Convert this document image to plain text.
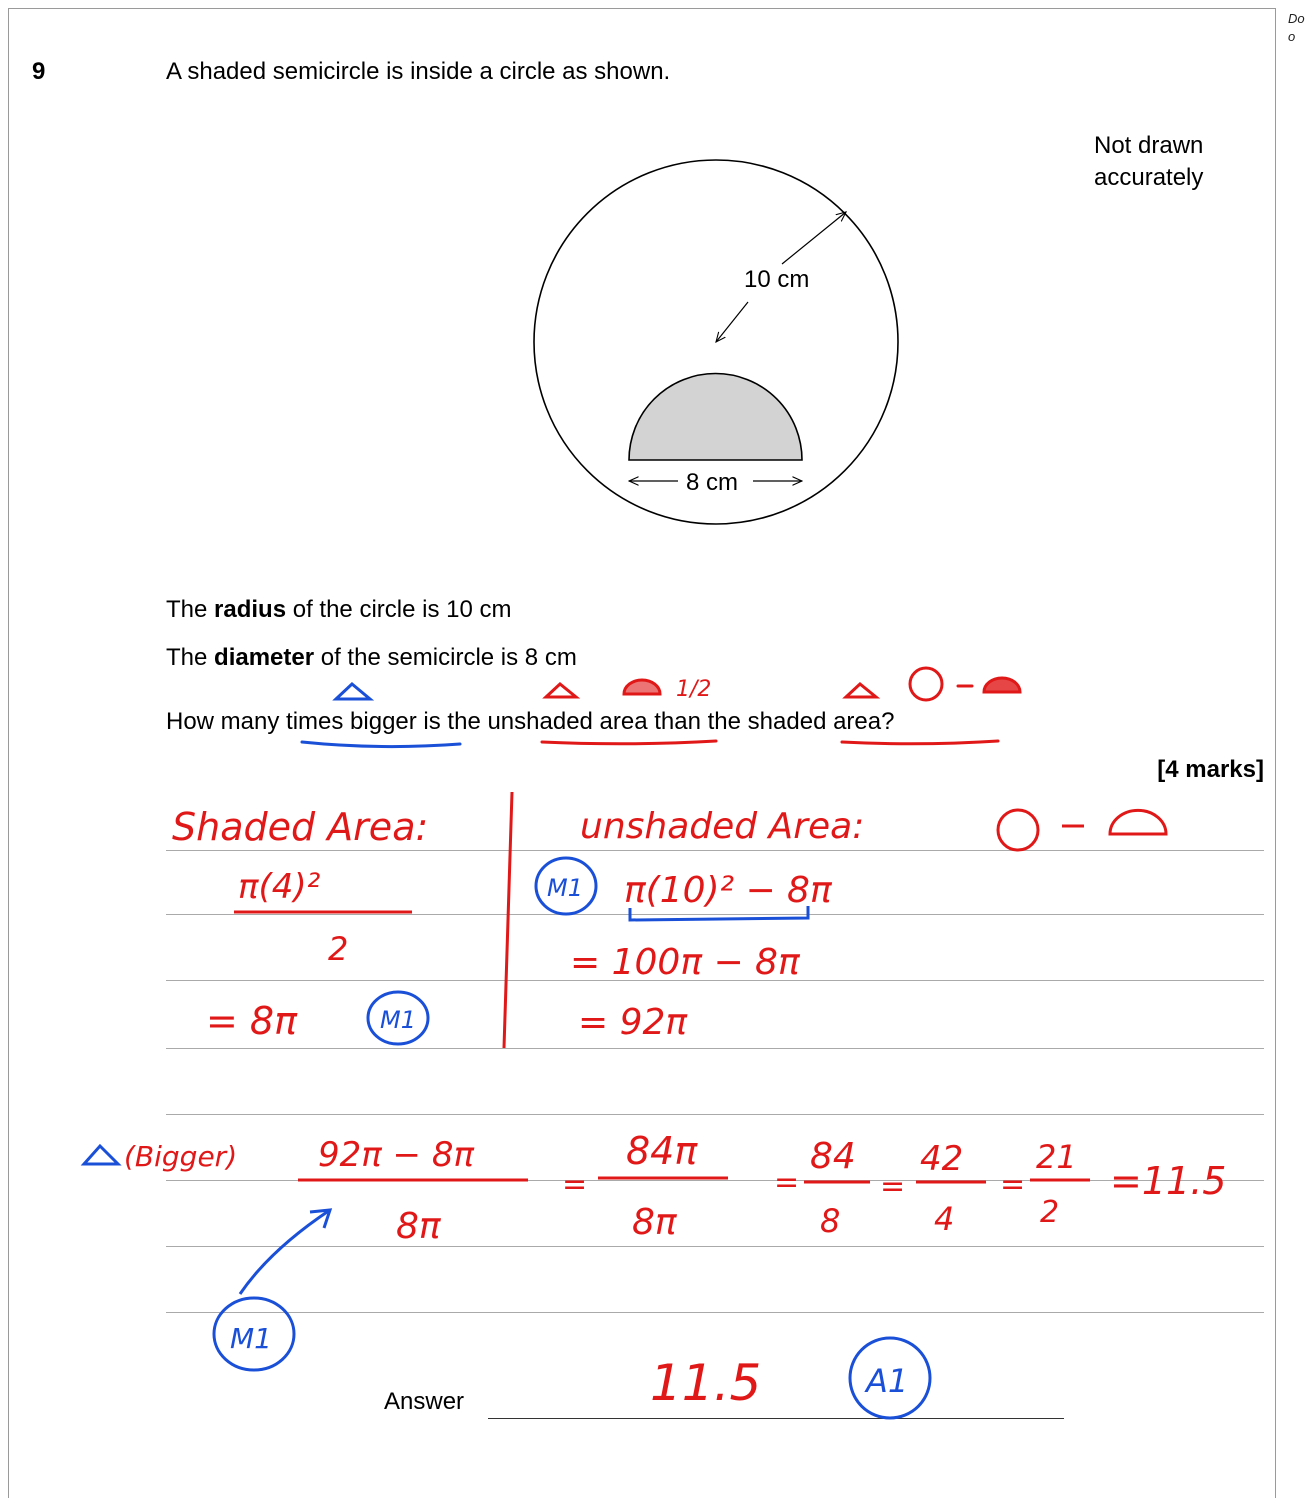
Do o
9	A shaded semicircle is inside a circle as shown.
Not drawn
accurately
10 cm
8 cm
The radius of the circle is 10 cm
The diameter of the semicircle is 8 cm
How many times bigger is the unshaded area than the shaded area?
[4 marks]
Answer
1/2
Shaded Area:
π(4)²
2
= 8π	M1
unshaded Area:
M1 π(10)² − 8π
= 100π − 8π
= 92π
(Bigger) 92π − 8π
8π
=
84π
8π
=
84
8
=
42
4
=
21
2
=11.5
M1
11.5	A1
